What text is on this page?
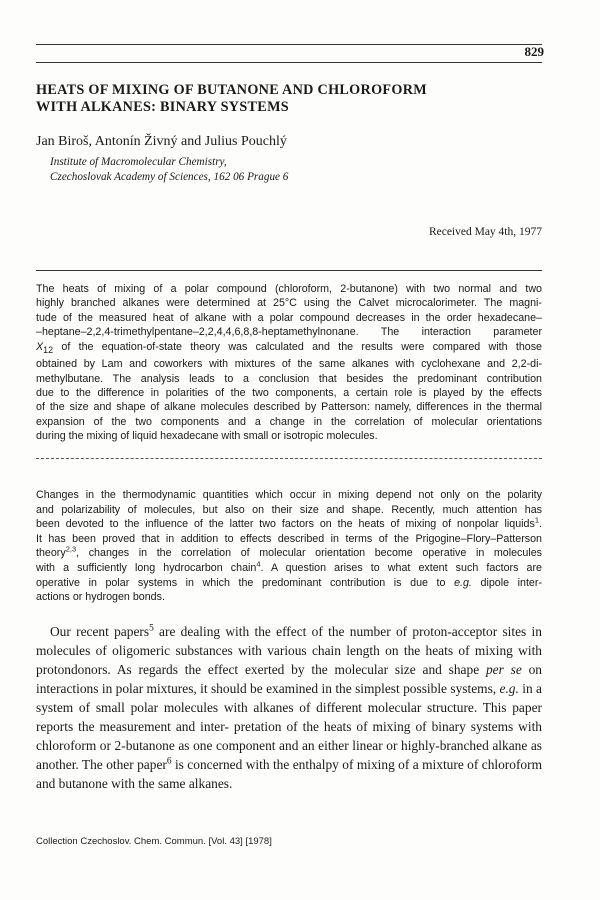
829
HEATS OF MIXING OF BUTANONE AND CHLOROFORM
WITH ALKANES: BINARY SYSTEMS
Jan Biroš, Antonín Živný and Julius Pouchlý
Institute of Macromolecular Chemistry,
Czechoslovak Academy of Sciences, 162 06 Prague 6
Received May 4th, 1977
The heats of mixing of a polar compound (chloroform, 2-butanone) with two normal and two
highly branched alkanes were determined at 25°C using the Calvet microcalorimeter. The magni-
tude of the measured heat of alkane with a polar compound decreases in the order hexadecane–
–heptane–2,2,4-trimethylpentane–2,2,4,4,6,8,8-heptamethylnonane. The interaction parameter
$X_{12}$ of the equation-of-state theory was calculated and the results were compared with those
obtained by Lam and coworkers with mixtures of the same alkanes with cyclohexane and 2,2-di-
methylbutane. The analysis leads to a conclusion that besides the predominant contribution
due to the difference in polarities of the two components, a certain role is played by the effects
of the size and shape of alkane molecules described by Patterson: namely, differences in the thermal
expansion of the two components and a change in the correlation of molecular orientations
during the mixing of liquid hexadecane with small or isotropic molecules.
Changes in the thermodynamic quantities which occur in mixing depend not only on the polarity
and polarizability of molecules, but also on their size and shape. Recently, much attention has
been devoted to the influence of the latter two factors on the heats of mixing of nonpolar liquids$^1$.
It has been proved that in addition to effects described in terms of the Prigogine–Flory–Patterson
theory$^{2,3}$, changes in the correlation of molecular orientation become operative in molecules
with a sufficiently long hydrocarbon chain$^4$. A question arises to what extent such factors are
operative in polar systems in which the predominant contribution is due to e.g. dipole inter-
actions or hydrogen bonds.
Our recent papers$^5$ are dealing with the effect of the number of proton-acceptor sites in molecules of oligomeric substances with various chain length on the heats of mixing with protondonors. As regards the effect exerted by the molecular size and shape per se on interactions in polar mixtures, it should be examined in the simplest possible systems, e.g. in a system of small polar molecules with alkanes of different molecular structure. This paper reports the measurement and inter- pretation of the heats of mixing of binary systems with chloroform or 2-butanone as one component and an either linear or highly-branched alkane as another. The other paper$^6$ is concerned with the enthalpy of mixing of a mixture of chloroform and butanone with the same alkanes.
Collection Czechoslov. Chem. Commun. [Vol. 43] [1978]
